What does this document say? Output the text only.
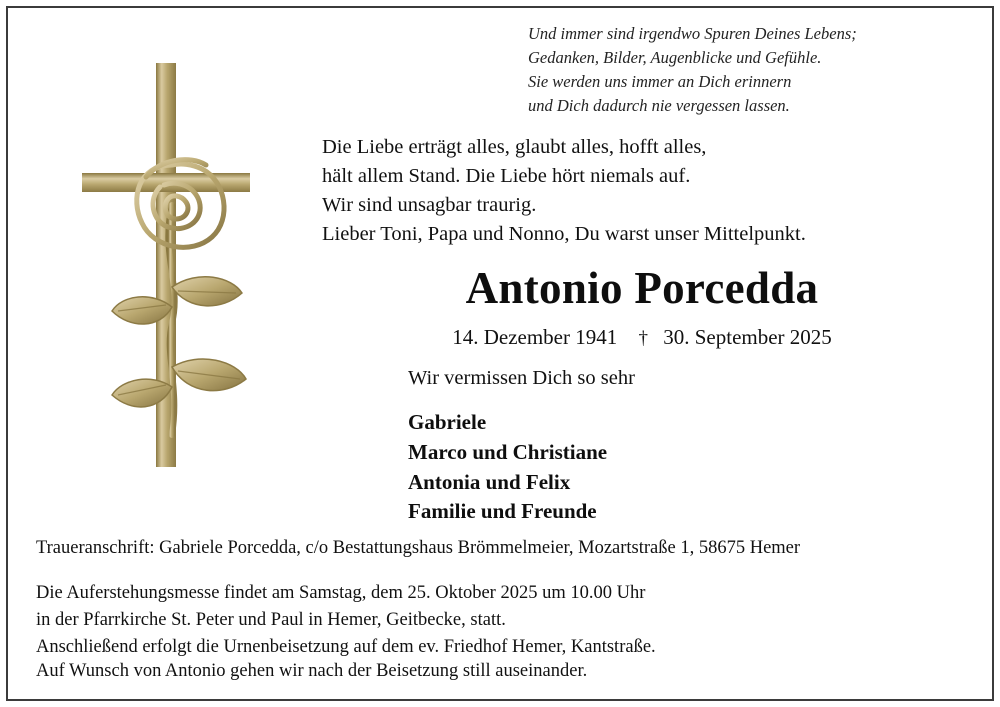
Und immer sind irgendwo Spuren Deines Lebens;
Gedanken, Bilder, Augenblicke und Gefühle.
Sie werden uns immer an Dich erinnern
und Dich dadurch nie vergessen lassen.
Die Liebe erträgt alles, glaubt alles, hofft alles,
hält allem Stand. Die Liebe hört niemals auf.
Wir sind unsagbar traurig.
Lieber Toni, Papa und Nonno, Du warst unser Mittelpunkt.
Antonio Porcedda
14. Dezember 1941 † 30. September 2025
Wir vermissen Dich so sehr
Gabriele
Marco und Christiane
Antonia und Felix
Familie und Freunde
Traueranschrift: Gabriele Porcedda, c/o Bestattungshaus Brömmelmeier, Mozartstraße 1, 58675 Hemer
Die Auferstehungsmesse findet am Samstag, dem 25. Oktober 2025 um 10.00 Uhr
in der Pfarrkirche St. Peter und Paul in Hemer, Geitbecke, statt.
Anschließend erfolgt die Urnenbeisetzung auf dem ev. Friedhof Hemer, Kantstraße.
Auf Wunsch von Antonio gehen wir nach der Beisetzung still auseinander.
